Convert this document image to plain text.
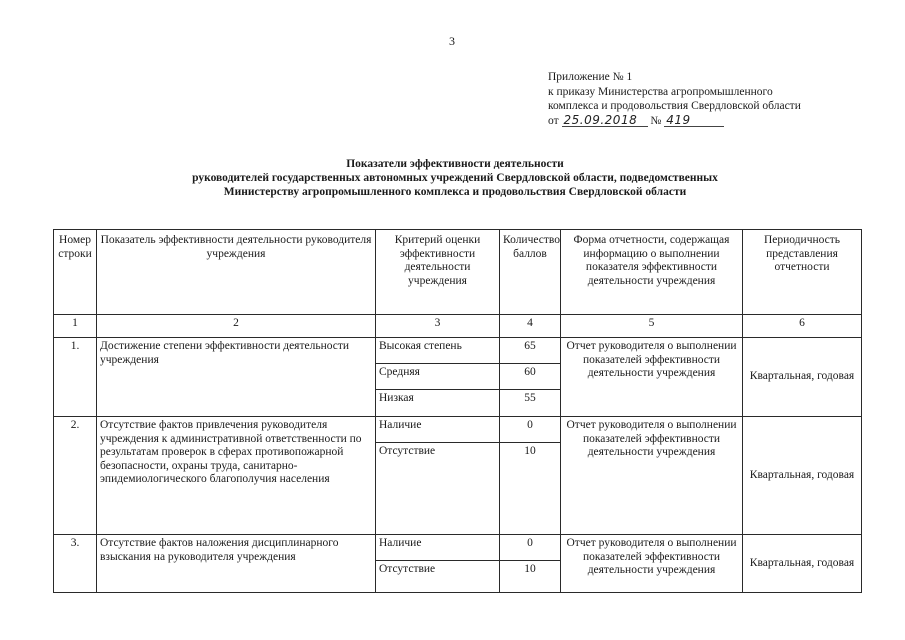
3
Приложение № 1
к приказу Министерства агропромышленного
комплекса и продовольствия Свердловской области
от 25.09.2018 № 419
Показатели эффективности деятельности
руководителей государственных автономных учреждений Свердловской области, подведомственных
Министерству агропромышленного комплекса и продовольствия Свердловской области
Номер строки	Показатель эффективности деятельности руководителя учреждения	Критерий оценки эффективности деятельности учреждения	Количество баллов	Форма отчетности, содержащая информацию о выполнении показателя эффективности деятельности учреждения	Периодичность представления отчетности
1	2	3	4	5	6
1.	Достижение степени эффективности деятельности учреждения	Высокая степень	65	Отчет руководителя о выполнении показателей эффективности деятельности учреждения	Квартальная, годовая
		Средняя	60		
		Низкая	55		
2.	Отсутствие фактов привлечения руководителя учреждения к административной ответственности по результатам проверок в сферах противопожарной безопасности, охраны труда, санитарно-эпидемиологического благополучия населения	Наличие	0	Отчет руководителя о выполнении показателей эффективности деятельности учреждения	Квартальная, годовая
		Отсутствие	10		
3.	Отсутствие фактов наложения дисциплинарного взыскания на руководителя учреждения	Наличие	0	Отчет руководителя о выполнении показателей эффективности деятельности учреждения	Квартальная, годовая
		Отсутствие	10		
